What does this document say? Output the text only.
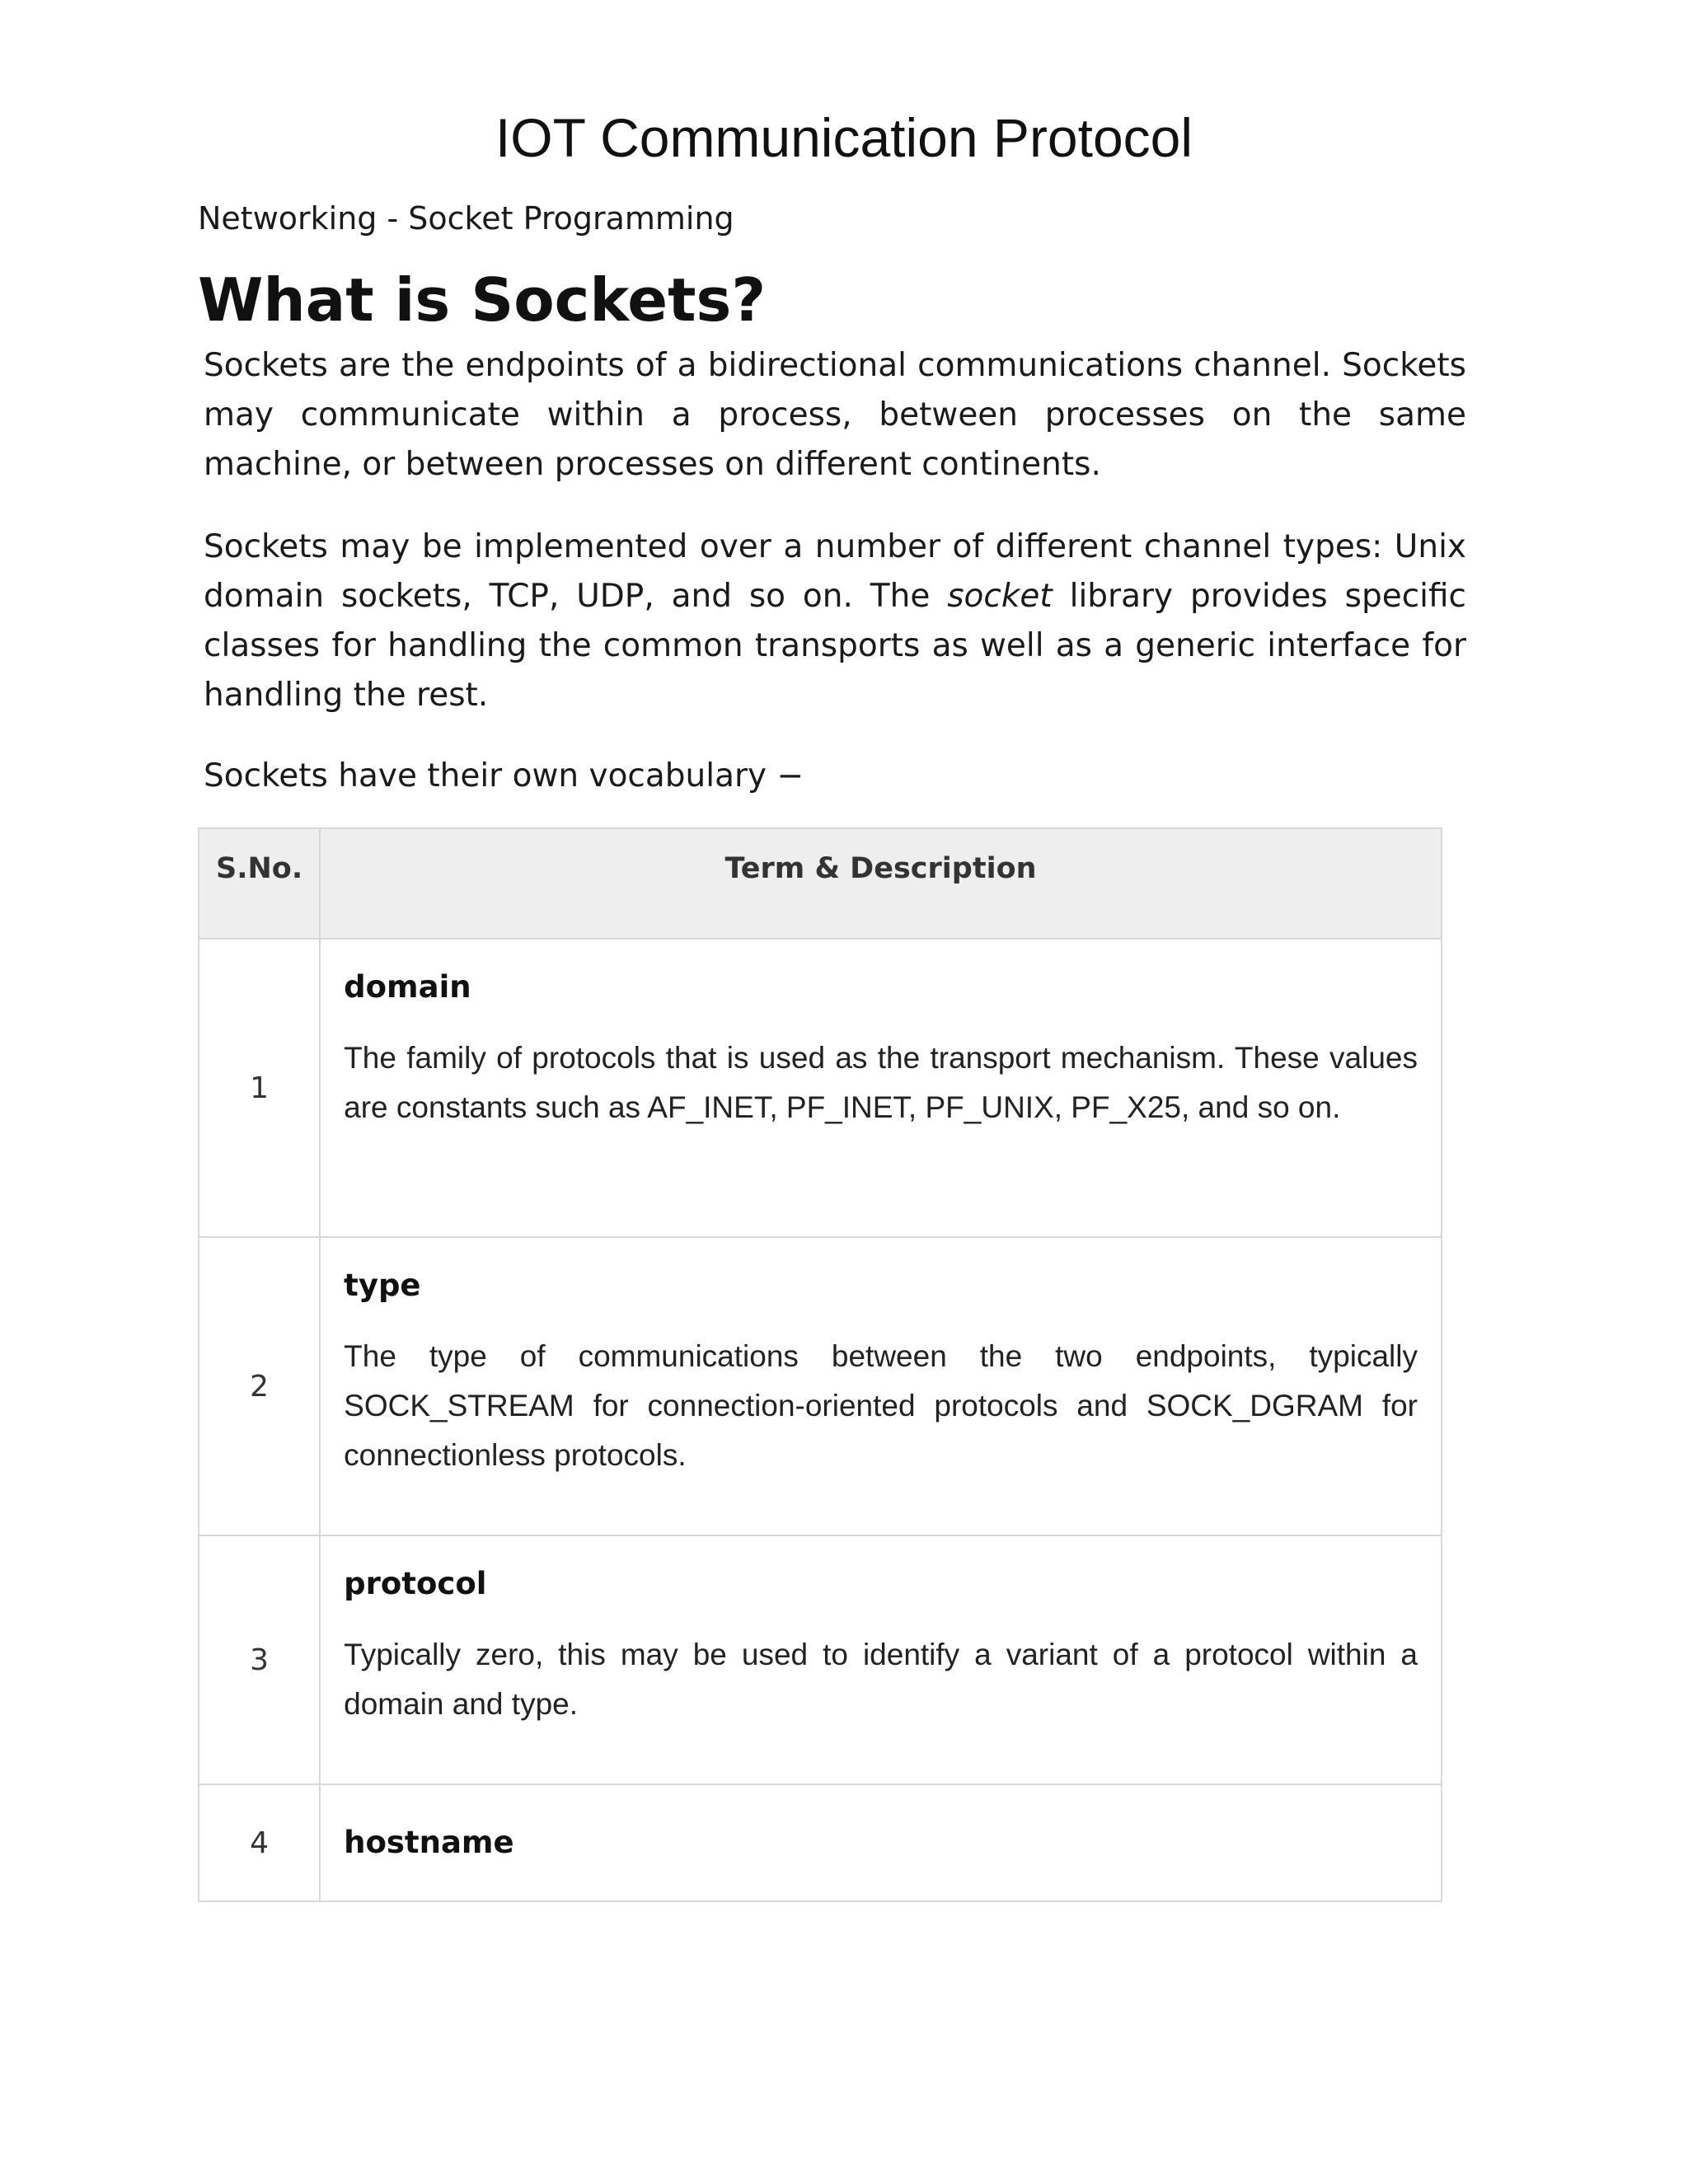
IOT Communication Protocol
Networking - Socket Programming
What is Sockets?

Sockets are the endpoints of a bidirectional communications channel. Sockets may communicate within a process, between processes on the same machine, or between processes on different continents.

Sockets may be implemented over a number of different channel types: Unix domain sockets, TCP, UDP, and so on. The socket library provides specific classes for handling the common transports as well as a generic interface for handling the rest.

Sockets have their own vocabulary −

S.No.	Term & Description
1	domain

The family of protocols that is used as the transport mechanism. These values are constants such as AF_INET, PF_INET, PF_UNIX, PF_X25, and so on.

2	type

The type of communications between the two endpoints, typically SOCK_STREAM for connection-oriented protocols and SOCK_DGRAM for connectionless protocols.

3	protocol

Typically zero, this may be used to identify a variant of a protocol within a domain and type.

4	hostname
